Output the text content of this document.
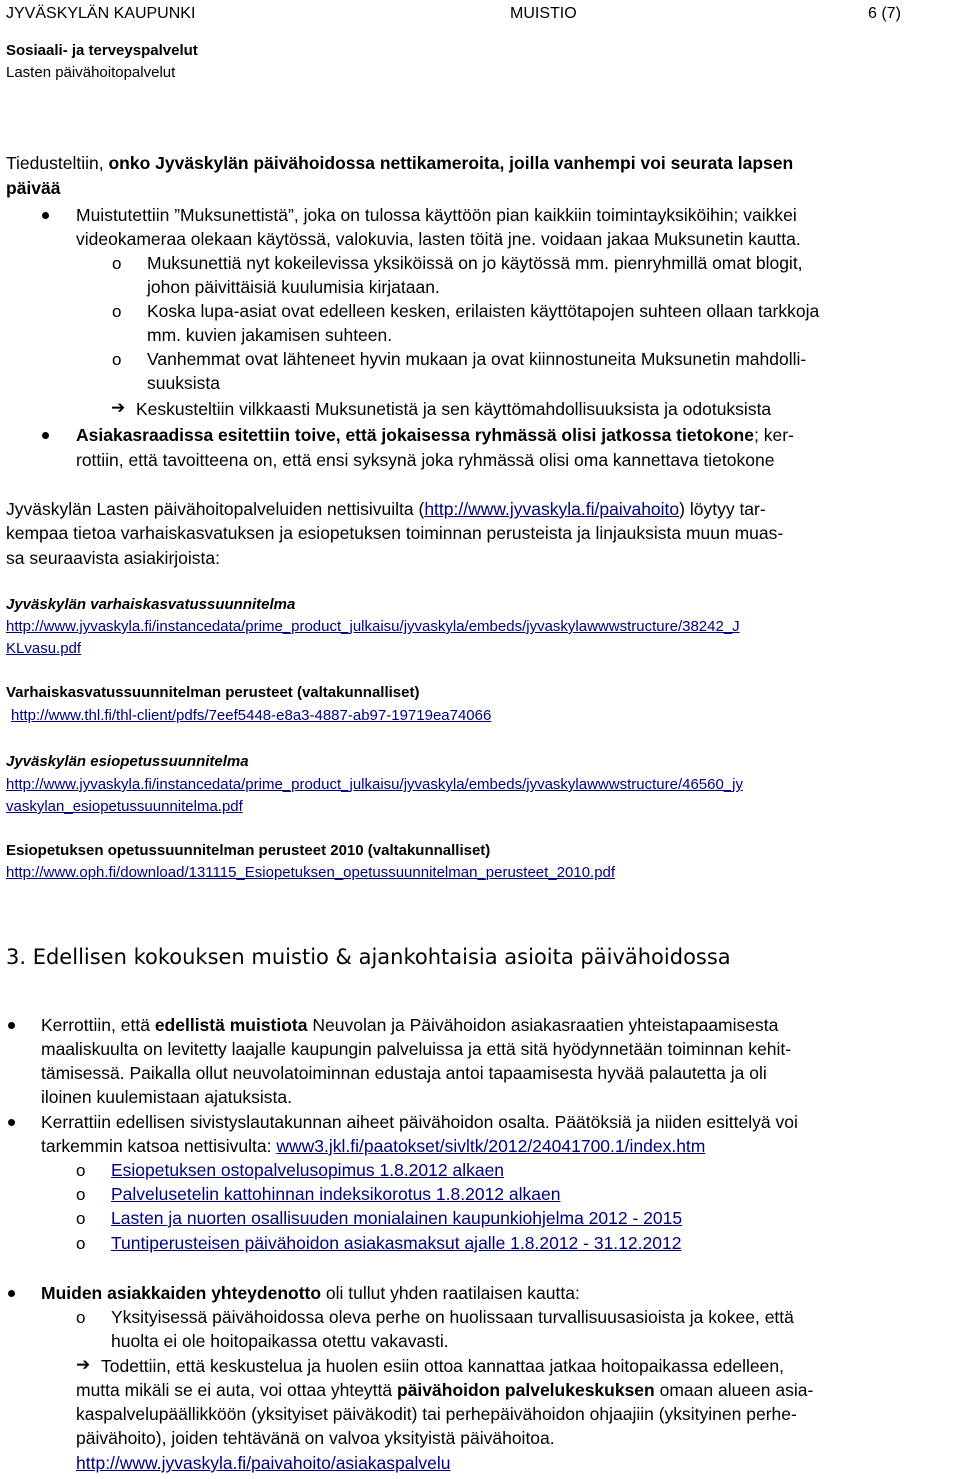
JYVÄSKYLÄN KAUPUNKI	MUISTIO	6 (7)
Sosiaali- ja terveyspalvelut
Lasten päivähoitopalvelut
Tiedusteltiin, onko Jyväskylän päivähoidossa nettikameroita, joilla vanhempi voi seurata lapsen
päivää
Muistutettiin ”Muksunettistä”, joka on tulossa käyttöön pian kaikkiin toimintayksiköihin; vaikkei
videokameraa olekaan käytössä, valokuvia, lasten töitä jne. voidaan jakaa Muksunetin kautta.
o Muksunettiä nyt kokeilevissa yksiköissä on jo käytössä mm. pienryhmillä omat blogit,
johon päivittäisiä kuulumisia kirjataan.
o Koska lupa-asiat ovat edelleen kesken, erilaisten käyttötapojen suhteen ollaan tarkkoja
mm. kuvien jakamisen suhteen.
o Vanhemmat ovat lähteneet hyvin mukaan ja ovat kiinnostuneita Muksunetin mahdolli-
suuksista
➔ Keskusteltiin vilkkaasti Muksunetistä ja sen käyttömahdollisuuksista ja odotuksista
Asiakasraadissa esitettiin toive, että jokaisessa ryhmässä olisi jatkossa tietokone; ker-
rottiin, että tavoitteena on, että ensi syksynä joka ryhmässä olisi oma kannettava tietokone
Jyväskylän Lasten päivähoitopalveluiden nettisivuilta (http://www.jyvaskyla.fi/paivahoito) löytyy tar-
kempaa tietoa varhaiskasvatuksen ja esiopetuksen toiminnan perusteista ja linjauksista muun muas-
sa seuraavista asiakirjoista:
Jyväskylän varhaiskasvatussuunnitelma
http://www.jyvaskyla.fi/instancedata/prime_product_julkaisu/jyvaskyla/embeds/jyvaskylawwwstructure/38242_J
KLvasu.pdf
Varhaiskasvatussuunnitelman perusteet (valtakunnalliset)
http://www.thl.fi/thl-client/pdfs/7eef5448-e8a3-4887-ab97-19719ea74066
Jyväskylän esiopetussuunnitelma
http://www.jyvaskyla.fi/instancedata/prime_product_julkaisu/jyvaskyla/embeds/jyvaskylawwwstructure/46560_jy
vaskylan_esiopetussuunnitelma.pdf
Esiopetuksen opetussuunnitelman perusteet 2010 (valtakunnalliset)
http://www.oph.fi/download/131115_Esiopetuksen_opetussuunnitelman_perusteet_2010.pdf
3. Edellisen kokouksen muistio & ajankohtaisia asioita päivähoidossa
Kerrottiin, että edellistä muistiota Neuvolan ja Päivähoidon asiakasraatien yhteistapaamisesta
maaliskuulta on levitetty laajalle kaupungin palveluissa ja että sitä hyödynnetään toiminnan kehit-
tämisessä. Paikalla ollut neuvolatoiminnan edustaja antoi tapaamisesta hyvää palautetta ja oli
iloinen kuulemistaan ajatuksista.
Kerrattiin edellisen sivistyslautakunnan aiheet päivähoidon osalta. Päätöksiä ja niiden esittelyä voi
tarkemmin katsoa nettisivulta: www3.jkl.fi/paatokset/sivltk/2012/24041700.1/index.htm
o Esiopetuksen ostopalvelusopimus 1.8.2012 alkaen
o Palvelusetelin kattohinnan indeksikorotus 1.8.2012 alkaen
o Lasten ja nuorten osallisuuden monialainen kaupunkiohjelma 2012 - 2015
o Tuntiperusteisen päivähoidon asiakasmaksut ajalle 1.8.2012 - 31.12.2012
Muiden asiakkaiden yhteydenotto oli tullut yhden raatilaisen kautta:
o Yksityisessä päivähoidossa oleva perhe on huolissaan turvallisuusasioista ja kokee, että
huolta ei ole hoitopaikassa otettu vakavasti.
➔ Todettiin, että keskustelua ja huolen esiin ottoa kannattaa jatkaa hoitopaikassa edelleen,
mutta mikäli se ei auta, voi ottaa yhteyttä päivähoidon palvelukeskuksen omaan alueen asia-
kaspalvelupäällikköön (yksityiset päiväkodit) tai perhepäivähoidon ohjaajiin (yksityinen perhe-
päivähoito), joiden tehtävänä on valvoa yksityistä päivähoitoa.
http://www.jyvaskyla.fi/paivahoito/asiakaspalvelu
